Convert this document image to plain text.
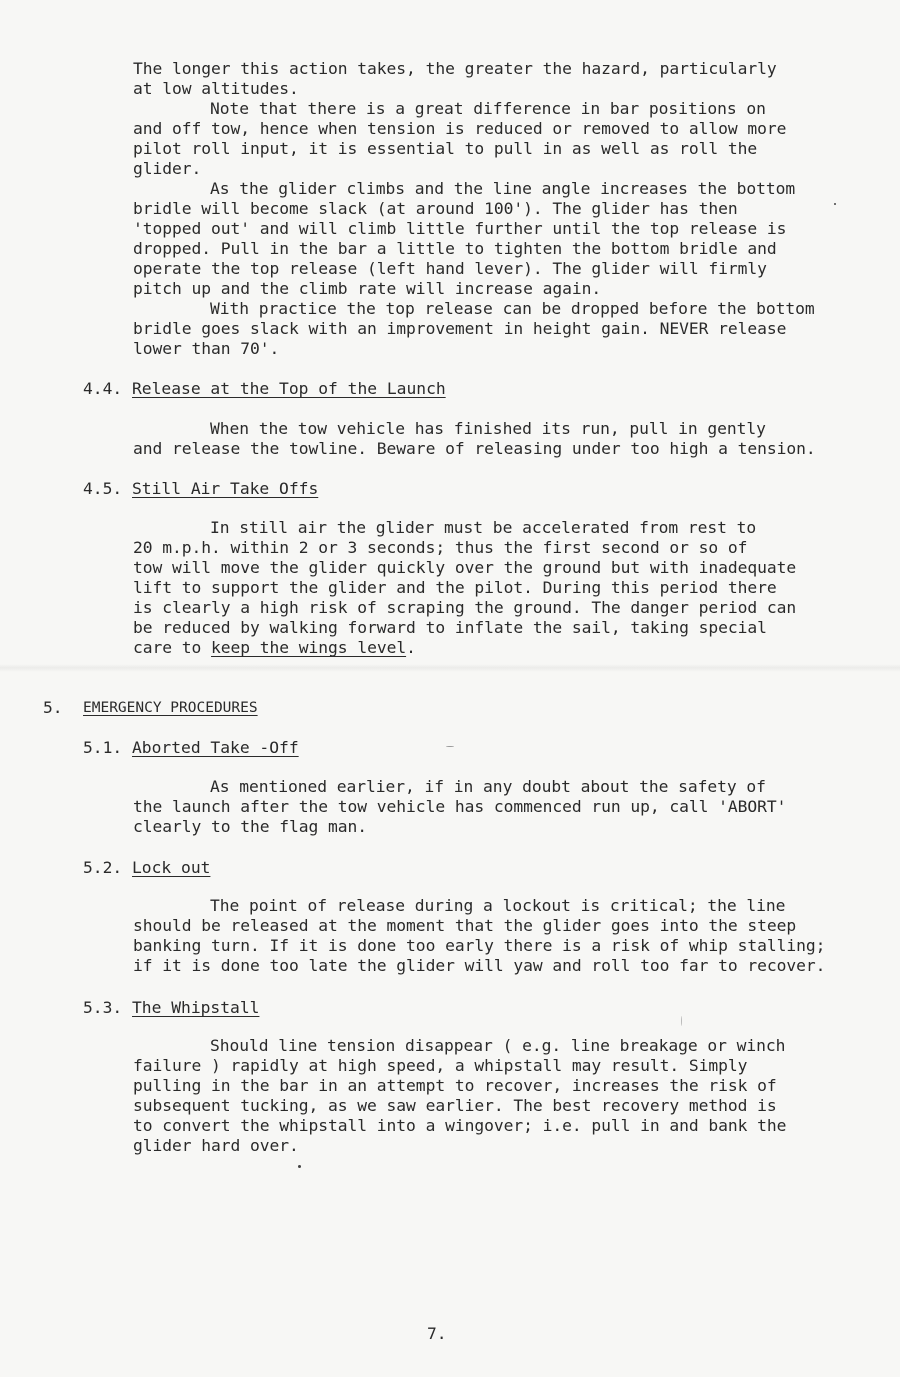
The longer this action takes, the greater the hazard, particularly
at low altitudes.
Note that there is a great difference in bar positions on
and off tow, hence when tension is reduced or removed to allow more
pilot roll input, it is essential to pull in as well as roll the
glider.
As the glider climbs and the line angle increases the bottom
bridle will become slack (at around 100'). The glider has then
'topped out' and will climb little further until the top release is
dropped. Pull in the bar a little to tighten the bottom bridle and
operate the top release (left hand lever). The glider will firmly
pitch up and the climb rate will increase again.
With practice the top release can be dropped before the bottom
bridle goes slack with an improvement in height gain. NEVER release
lower than 70'.
4.4. Release at the Top of the Launch
When the tow vehicle has finished its run, pull in gently
and release the towline. Beware of releasing under too high a tension.
4.5. Still Air Take Offs
In still air the glider must be accelerated from rest to
20 m.p.h. within 2 or 3 seconds; thus the first second or so of
tow will move the glider quickly over the ground but with inadequate
lift to support the glider and the pilot. During this period there
is clearly a high risk of scraping the ground. The danger period can
be reduced by walking forward to inflate the sail, taking special
care to keep the wings level.
5. EMERGENCY PROCEDURES
5.1. Aborted Take -Off
As mentioned earlier, if in any doubt about the safety of
the launch after the tow vehicle has commenced run up, call 'ABORT'
clearly to the flag man.
5.2. Lock out
The point of release during a lockout is critical; the line
should be released at the moment that the glider goes into the steep
banking turn. If it is done too early there is a risk of whip stalling;
if it is done too late the glider will yaw and roll too far to recover.
5.3. The Whipstall
Should line tension disappear ( e.g. line breakage or winch
failure ) rapidly at high speed, a whipstall may result. Simply
pulling in the bar in an attempt to recover, increases the risk of
subsequent tucking, as we saw earlier. The best recovery method is
to convert the whipstall into a wingover; i.e. pull in and bank the
glider hard over.
7.
